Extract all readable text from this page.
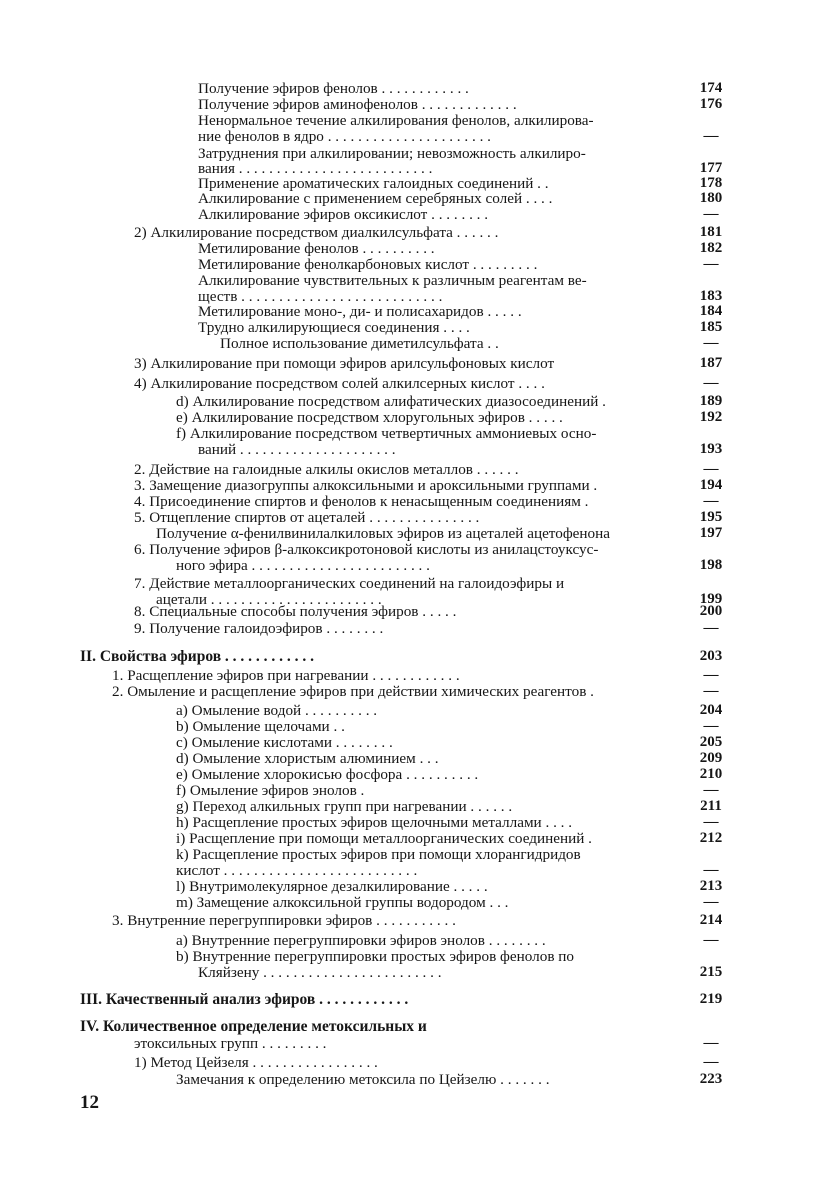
Получение эфиров фенолов . . . . . . . . . . . .	174
Получение эфиров аминофенолов . . . . . . . . . . . . .	176
Ненормальное течение алкилирования фенолов, алкилирова-
ние фенолов в ядро . . . . . . . . . . . . . . . . . . . . . .	—
Затруднения при алкилировании; невозможность алкилиро-
вания . . . . . . . . . . . . . . . . . . . . . . . . . .	177
Применение ароматических галоидных соединений . .	178
Алкилирование с применением серебряных солей . . . .	180
Алкилирование эфиров оксикислот . . . . . . . .	—
2) Алкилирование посредством диалкилсульфата . . . . . .	181
Метилирование фенолов . . . . . . . . . .	182
Метилирование фенолкарбоновых кислот . . . . . . . . .	—
Алкилирование чувствительных к различным реагентам ве-
ществ . . . . . . . . . . . . . . . . . . . . . . . . . . .	183
Метилирование моно-, ди- и полисахаридов . . . . .	184
Трудно алкилирующиеся соединения . . . .	185
Полное использование диметилсульфата . .	—
3) Алкилирование при помощи эфиров арилсульфоновых кислот	187
4) Алкилирование посредством солей алкилсерных кислот . . . .	—
d) Алкилирование посредством алифатических диазосоединений .	189
e) Алкилирование посредством хлоругольных эфиров . . . . .	192
f) Алкилирование посредством четвертичных аммониевых осно-
ваний . . . . . . . . . . . . . . . . . . . . .	193
2. Действие на галоидные алкилы окислов металлов . . . . . .	—
3. Замещение диазогруппы алкоксильными и ароксильными группами .	194
4. Присоединение спиртов и фенолов к ненасыщенным соединениям .	—
5. Отщепление спиртов от ацеталей . . . . . . . . . . . . . . .	195
Получение α-фенилвинилалкиловых эфиров из ацеталей ацетофенона	197
6. Получение эфиров β-алкоксикротоновой кислоты из анилацстоуксус-
ного эфира . . . . . . . . . . . . . . . . . . . . . . . .	198
7. Действие металлоорганических соединений на галоидоэфиры и
ацетали . . . . . . . . . . . . . . . . . . . . . . .	199
8. Специальные способы получения эфиров . . . . .	200
9. Получение галоидоэфиров . . . . . . . .	—
II. Свойства эфиров . . . . . . . . . . . .	203
1. Расщепление эфиров при нагревании . . . . . . . . . . . .	—
2. Омыление и расщепление эфиров при действии химических реагентов .	—
a) Омыление водой . . . . . . . . . .	204
b) Омыление щелочами . .	—
c) Омыление кислотами . . . . . . . .	205
d) Омыление хлористым алюминием . . .	209
e) Омыление хлорокисью фосфора . . . . . . . . . .	210
f) Омыление эфиров энолов .	—
g) Переход алкильных групп при нагревании . . . . . .	211
h) Расщепление простых эфиров щелочными металлами . . . .	—
i) Расщепление при помощи металлоорганических соединений .	212
k) Расщепление простых эфиров при помощи хлорангидридов
кислот . . . . . . . . . . . . . . . . . . . . . . . . . .	—
l) Внутримолекулярное дезалкилирование . . . . .	213
m) Замещение алкоксильной группы водородом . . .	—
3. Внутренние перегруппировки эфиров . . . . . . . . . . .	214
a) Внутренние перегруппировки эфиров энолов . . . . . . . .	—
b) Внутренние перегруппировки простых эфиров фенолов по
Кляйзену . . . . . . . . . . . . . . . . . . . . . . . .	215
III. Качественный анализ эфиров . . . . . . . . . . . .	219
IV. Количественное определение метоксильных и
этоксильных групп . . . . . . . . .	—
1) Метод Цейзеля . . . . . . . . . . . . . . . . .	—
Замечания к определению метоксила по Цейзелю . . . . . . .	223
12
